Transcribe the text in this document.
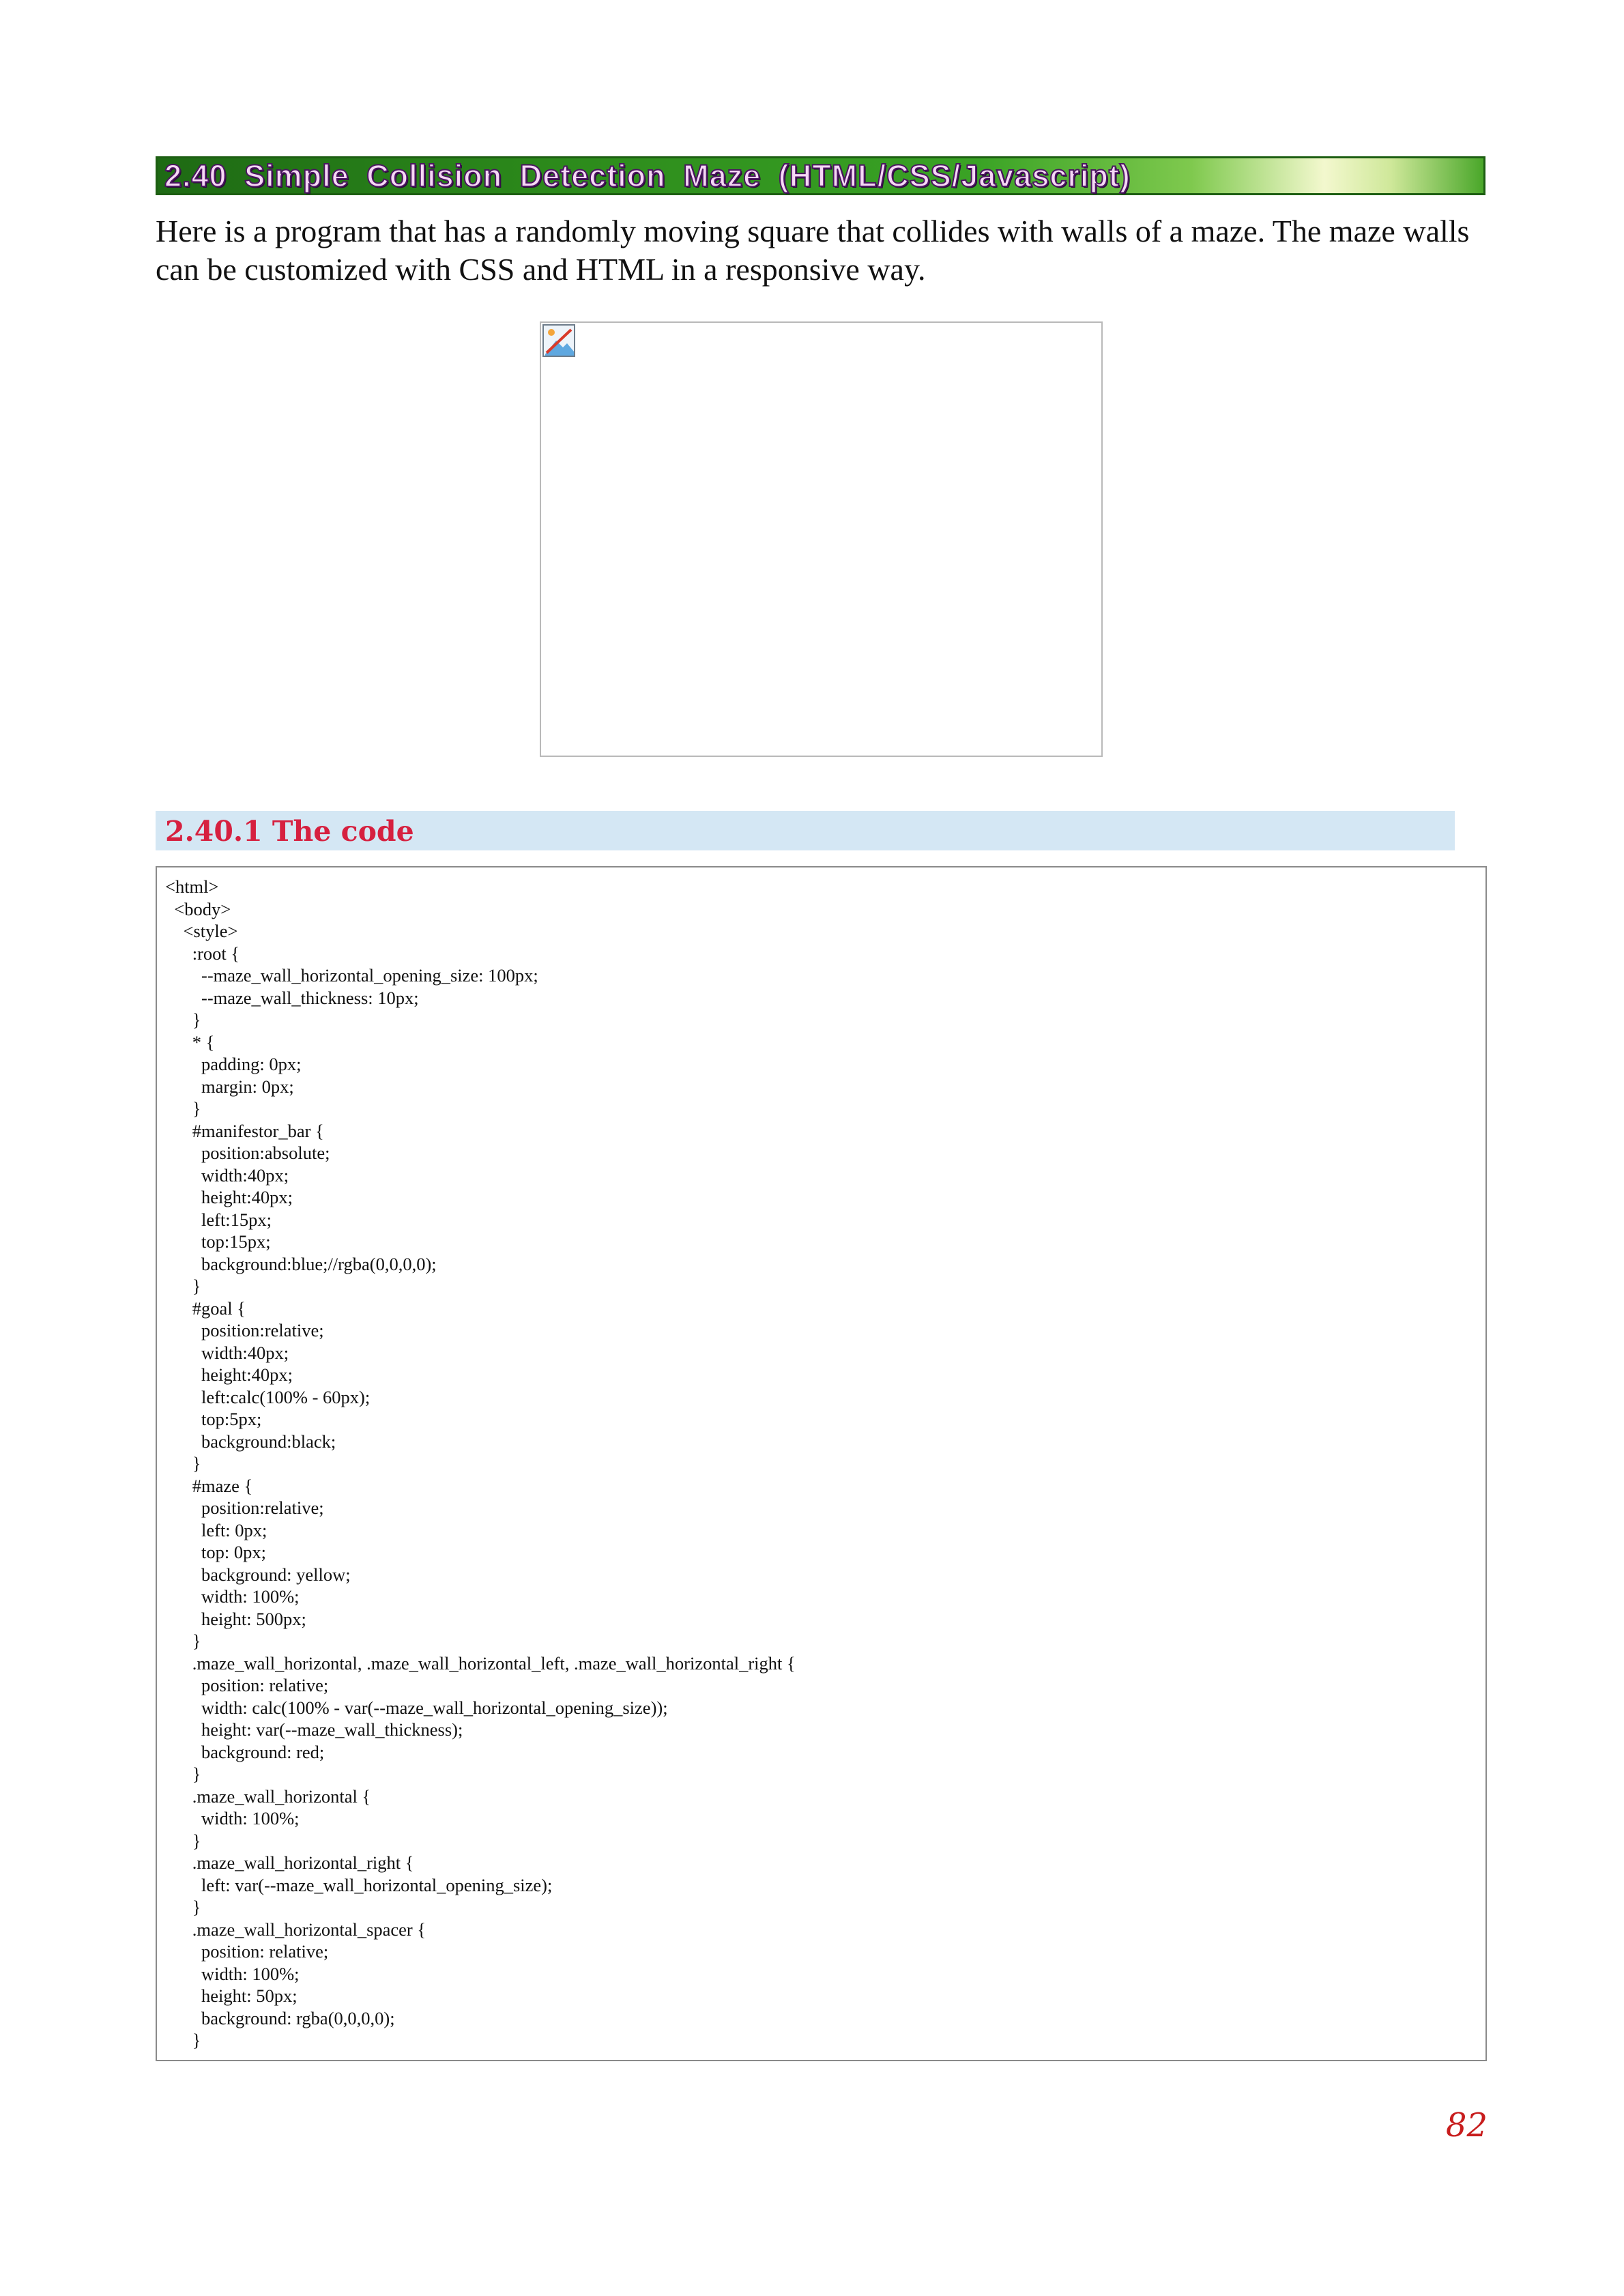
2.40 Simple Collision Detection Maze (HTML/CSS/Javascript)

Here is a program that has a randomly moving square that collides with walls of a maze. The maze walls can be customized with CSS and HTML in a responsive way.

2.40.1 The code
<html>
<body>
<style>
:root {
--maze_wall_horizontal_opening_size: 100px;
--maze_wall_thickness: 10px;
}
* {
padding: 0px;
margin: 0px;
}
#manifestor_bar {
position:absolute;
width:40px;
height:40px;
left:15px;
top:15px;
background:blue;//rgba(0,0,0,0);
}
#goal {
position:relative;
width:40px;
height:40px;
left:calc(100% - 60px);
top:5px;
background:black;
}
#maze {
position:relative;
left: 0px;
top: 0px;
background: yellow;
width: 100%;
height: 500px;
}
.maze_wall_horizontal, .maze_wall_horizontal_left, .maze_wall_horizontal_right {
position: relative;
width: calc(100% - var(--maze_wall_horizontal_opening_size));
height: var(--maze_wall_thickness);
background: red;
}
.maze_wall_horizontal {
width: 100%;
}
.maze_wall_horizontal_right {
left: var(--maze_wall_horizontal_opening_size);
}
.maze_wall_horizontal_spacer {
position: relative;
width: 100%;
height: 50px;
background: rgba(0,0,0,0);
}
82
